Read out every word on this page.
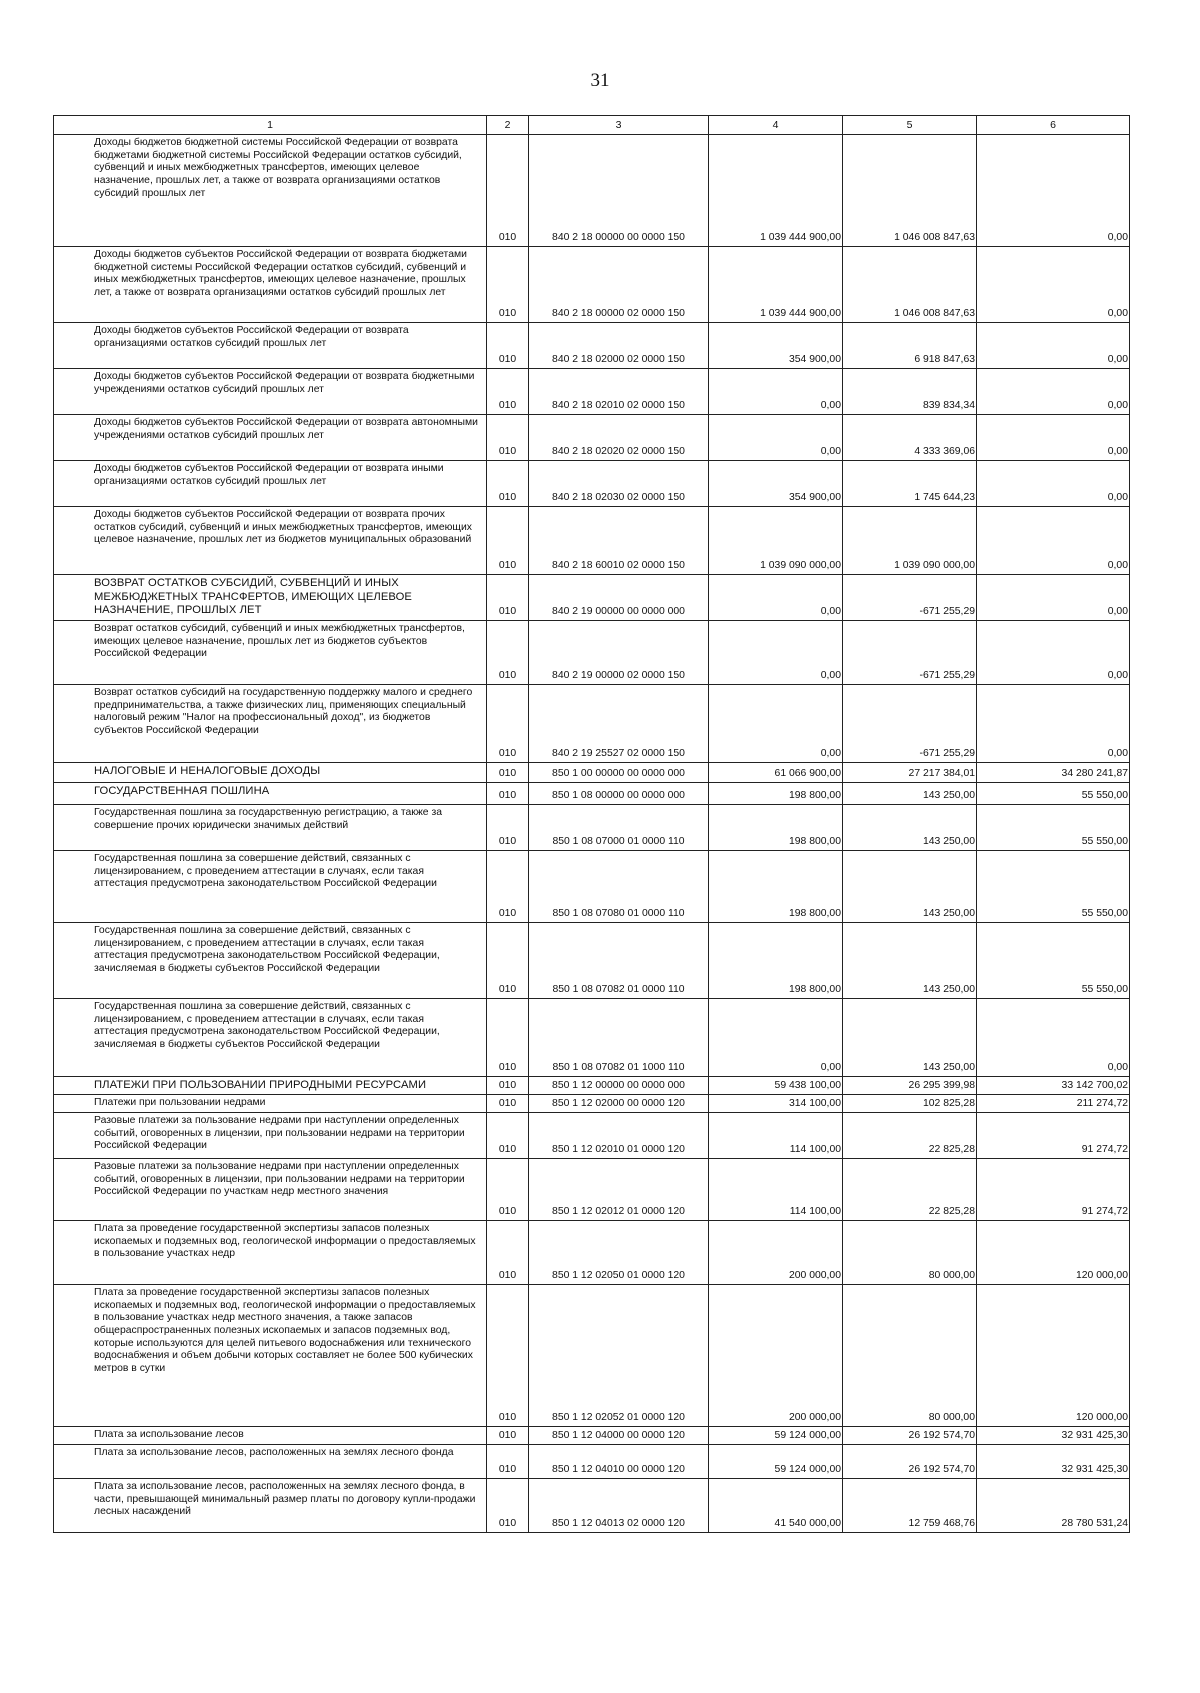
31
1	2	3	4	5	6
Доходы бюджетов бюджетной системы Российской Федерации от возврата бюджетами бюджетной системы Российской Федерации остатков субсидий, субвенций и иных межбюджетных трансфертов, имеющих целевое назначение, прошлых лет, а также от возврата организациями остатков субсидий прошлых лет	010	840 2 18 00000 00 0000 150	1 039 444 900,00	1 046 008 847,63	0,00
Доходы бюджетов субъектов Российской Федерации от возврата бюджетами бюджетной системы Российской Федерации остатков субсидий, субвенций и иных межбюджетных трансфертов, имеющих целевое назначение, прошлых лет, а также от возврата организациями остатков субсидий прошлых лет	010	840 2 18 00000 02 0000 150	1 039 444 900,00	1 046 008 847,63	0,00
Доходы бюджетов субъектов Российской Федерации от возврата организациями остатков субсидий прошлых лет	010	840 2 18 02000 02 0000 150	354 900,00	6 918 847,63	0,00
Доходы бюджетов субъектов Российской Федерации от возврата бюджетными учреждениями остатков субсидий прошлых лет	010	840 2 18 02010 02 0000 150	0,00	839 834,34	0,00
Доходы бюджетов субъектов Российской Федерации от возврата автономными учреждениями остатков субсидий прошлых лет	010	840 2 18 02020 02 0000 150	0,00	4 333 369,06	0,00
Доходы бюджетов субъектов Российской Федерации от возврата иными организациями остатков субсидий прошлых лет	010	840 2 18 02030 02 0000 150	354 900,00	1 745 644,23	0,00
Доходы бюджетов субъектов Российской Федерации от возврата прочих остатков субсидий, субвенций и иных межбюджетных трансфертов, имеющих целевое назначение, прошлых лет из бюджетов муниципальных образований	010	840 2 18 60010 02 0000 150	1 039 090 000,00	1 039 090 000,00	0,00
ВОЗВРАТ ОСТАТКОВ СУБСИДИЙ, СУБВЕНЦИЙ И ИНЫХ МЕЖБЮДЖЕТНЫХ ТРАНСФЕРТОВ, ИМЕЮЩИХ ЦЕЛЕВОЕ НАЗНАЧЕНИЕ, ПРОШЛЫХ ЛЕТ	010	840 2 19 00000 00 0000 000	0,00	-671 255,29	0,00
Возврат остатков субсидий, субвенций и иных межбюджетных трансфертов, имеющих целевое назначение, прошлых лет из бюджетов субъектов Российской Федерации	010	840 2 19 00000 02 0000 150	0,00	-671 255,29	0,00
Возврат остатков субсидий на государственную поддержку малого и среднего предпринимательства, а также физических лиц, применяющих специальный налоговый режим "Налог на профессиональный доход", из бюджетов субъектов Российской Федерации	010	840 2 19 25527 02 0000 150	0,00	-671 255,29	0,00
НАЛОГОВЫЕ И НЕНАЛОГОВЫЕ ДОХОДЫ	010	850 1 00 00000 00 0000 000	61 066 900,00	27 217 384,01	34 280 241,87
ГОСУДАРСТВЕННАЯ ПОШЛИНА	010	850 1 08 00000 00 0000 000	198 800,00	143 250,00	55 550,00
Государственная пошлина за государственную регистрацию, а также за совершение прочих юридически значимых действий	010	850 1 08 07000 01 0000 110	198 800,00	143 250,00	55 550,00
Государственная пошлина за совершение действий, связанных с лицензированием, с проведением аттестации в случаях, если такая аттестация предусмотрена законодательством Российской Федерации	010	850 1 08 07080 01 0000 110	198 800,00	143 250,00	55 550,00
Государственная пошлина за совершение действий, связанных с лицензированием, с проведением аттестации в случаях, если такая аттестация предусмотрена законодательством Российской Федерации, зачисляемая в бюджеты субъектов Российской Федерации	010	850 1 08 07082 01 0000 110	198 800,00	143 250,00	55 550,00
Государственная пошлина за совершение действий, связанных с лицензированием, с проведением аттестации в случаях, если такая аттестация предусмотрена законодательством Российской Федерации, зачисляемая в бюджеты субъектов Российской Федерации	010	850 1 08 07082 01 1000 110	0,00	143 250,00	0,00
ПЛАТЕЖИ ПРИ ПОЛЬЗОВАНИИ ПРИРОДНЫМИ РЕСУРСАМИ	010	850 1 12 00000 00 0000 000	59 438 100,00	26 295 399,98	33 142 700,02
Платежи при пользовании недрами	010	850 1 12 02000 00 0000 120	314 100,00	102 825,28	211 274,72
Разовые платежи за пользование недрами при наступлении определенных событий, оговоренных в лицензии, при пользовании недрами на территории Российской Федерации	010	850 1 12 02010 01 0000 120	114 100,00	22 825,28	91 274,72
Разовые платежи за пользование недрами при наступлении определенных событий, оговоренных в лицензии, при пользовании недрами на территории Российской Федерации по участкам недр местного значения	010	850 1 12 02012 01 0000 120	114 100,00	22 825,28	91 274,72
Плата за проведение государственной экспертизы запасов полезных ископаемых и подземных вод, геологической информации о предоставляемых в пользование участках недр	010	850 1 12 02050 01 0000 120	200 000,00	80 000,00	120 000,00
Плата за проведение государственной экспертизы запасов полезных ископаемых и подземных вод, геологической информации о предоставляемых в пользование участках недр местного значения, а также запасов общераспространенных полезных ископаемых и запасов подземных вод, которые используются для целей питьевого водоснабжения или технического водоснабжения и объем добычи которых составляет не более 500 кубических метров в сутки	010	850 1 12 02052 01 0000 120	200 000,00	80 000,00	120 000,00
Плата за использование лесов	010	850 1 12 04000 00 0000 120	59 124 000,00	26 192 574,70	32 931 425,30
Плата за использование лесов, расположенных на землях лесного фонда	010	850 1 12 04010 00 0000 120	59 124 000,00	26 192 574,70	32 931 425,30
Плата за использование лесов, расположенных на землях лесного фонда, в части, превышающей минимальный размер платы по договору купли-продажи лесных насаждений	010	850 1 12 04013 02 0000 120	41 540 000,00	12 759 468,76	28 780 531,24
